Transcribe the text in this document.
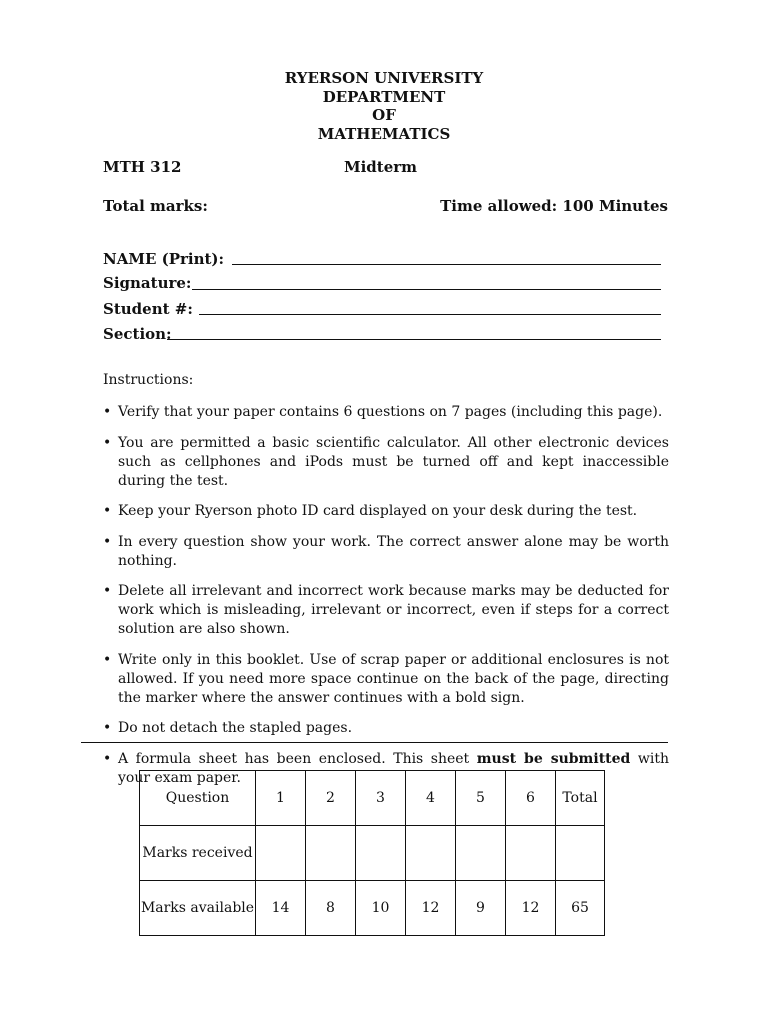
RYERSON UNIVERSITY
DEPARTMENT
OF
MATHEMATICS
MTH 312	Midterm
Total marks:	Time allowed: 100 Minutes
NAME (Print):
Signature:
Student #:
Section:
Instructions:
• Verify that your paper contains 6 questions on 7 pages (including this page).
• You are permitted a basic scientific calculator. All other electronic devices such as cellphones and iPods must be turned off and kept inaccessible during the test.
• Keep your Ryerson photo ID card displayed on your desk during the test.
• In every question show your work. The correct answer alone may be worth nothing.
• Delete all irrelevant and incorrect work because marks may be deducted for work which is misleading, irrelevant or incorrect, even if steps for a correct solution are also shown.
• Write only in this booklet. Use of scrap paper or additional enclosures is not allowed. If you need more space continue on the back of the page, directing the marker where the answer continues with a bold sign.
• Do not detach the stapled pages.
• A formula sheet has been enclosed. This sheet must be submitted with your exam paper.
Question	1	2	3	4	5	6	Total
Marks received							
Marks available	14	8	10	12	9	12	65
